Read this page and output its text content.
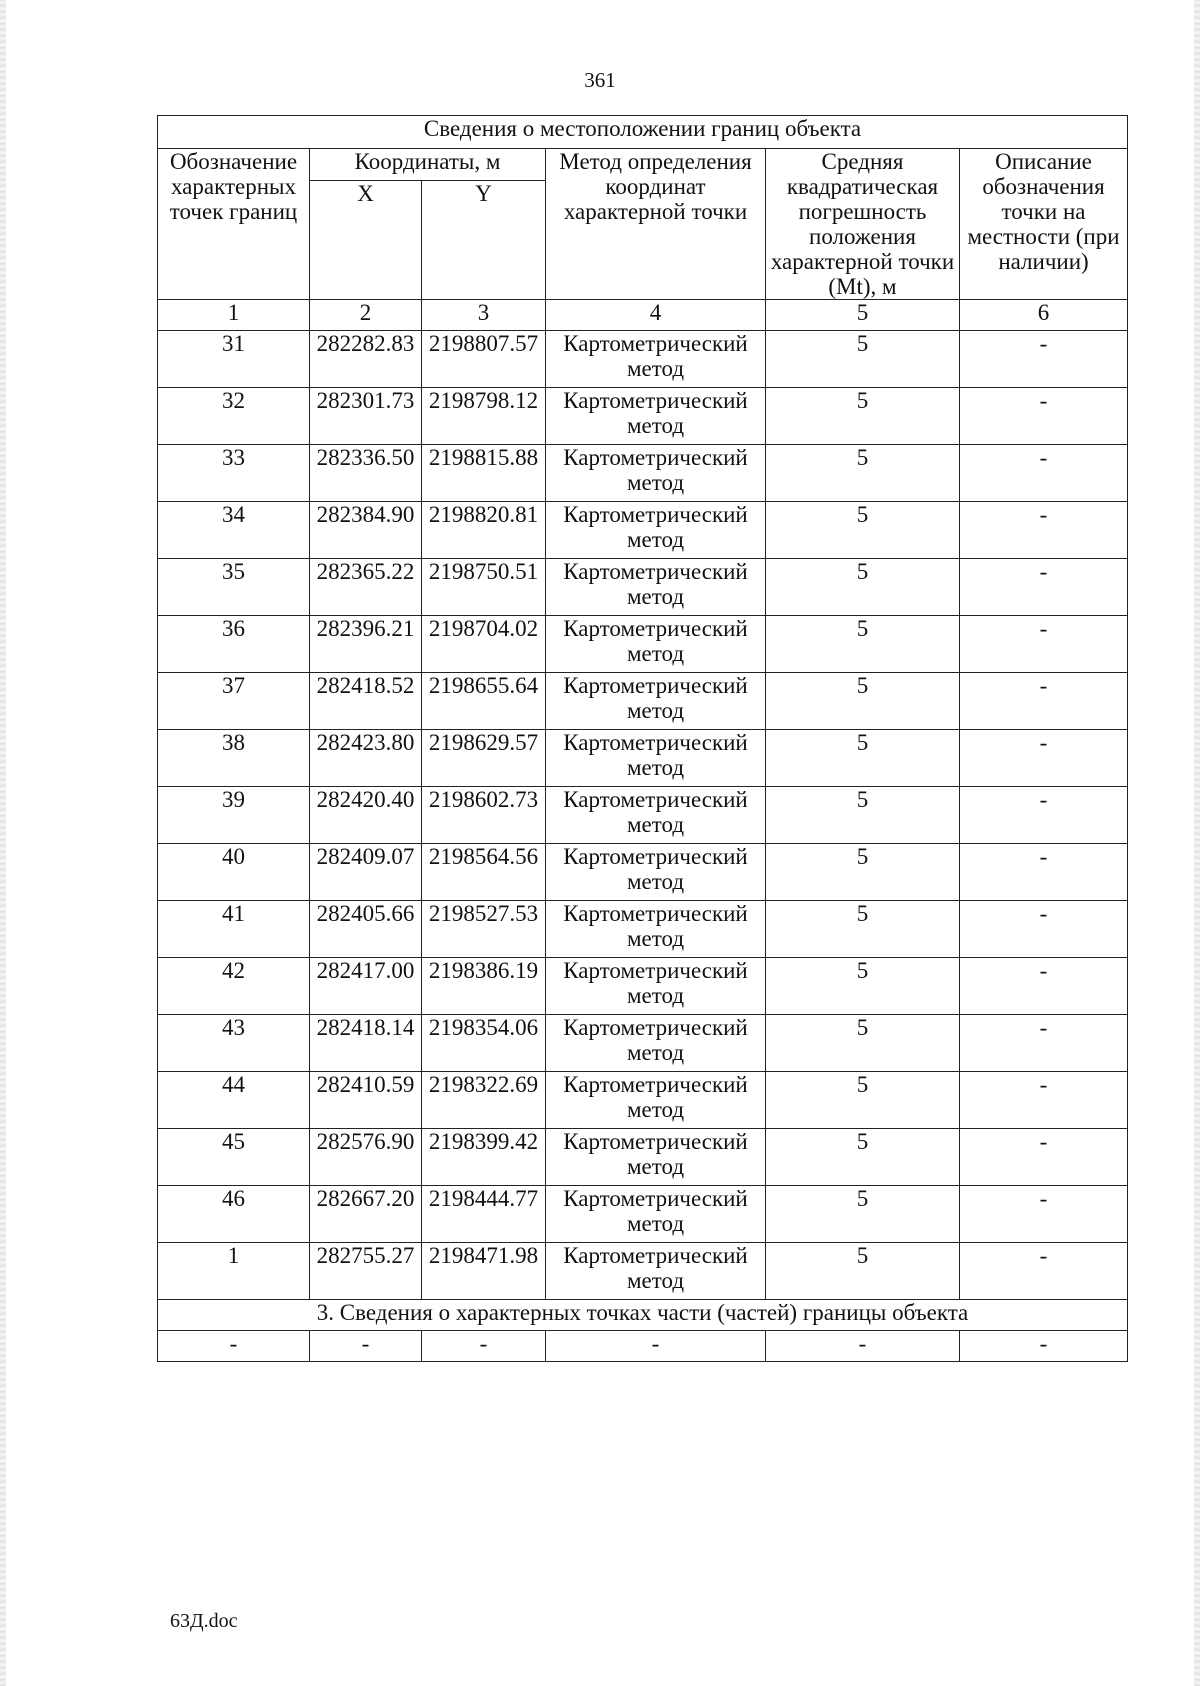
361
Сведения о местоположении границ объекта					
Обозначение характерных точек границ	Координаты, м		Метод определения координат характерной точки	Средняя квадратическая погрешность положения характерной точки (Mt), м	Описание обозначения точки на местности (при наличии)
	X	Y			
1	2	3	4	5	6
31	282282.83	2198807.57	Картометрический метод	5	-
32	282301.73	2198798.12	Картометрический метод	5	-
33	282336.50	2198815.88	Картометрический метод	5	-
34	282384.90	2198820.81	Картометрический метод	5	-
35	282365.22	2198750.51	Картометрический метод	5	-
36	282396.21	2198704.02	Картометрический метод	5	-
37	282418.52	2198655.64	Картометрический метод	5	-
38	282423.80	2198629.57	Картометрический метод	5	-
39	282420.40	2198602.73	Картометрический метод	5	-
40	282409.07	2198564.56	Картометрический метод	5	-
41	282405.66	2198527.53	Картометрический метод	5	-
42	282417.00	2198386.19	Картометрический метод	5	-
43	282418.14	2198354.06	Картометрический метод	5	-
44	282410.59	2198322.69	Картометрический метод	5	-
45	282576.90	2198399.42	Картометрический метод	5	-
46	282667.20	2198444.77	Картометрический метод	5	-
1	282755.27	2198471.98	Картометрический метод	5	-
3. Сведения о характерных точках части (частей) границы объекта					
-	-	-	-	-	-
63Д.doc
